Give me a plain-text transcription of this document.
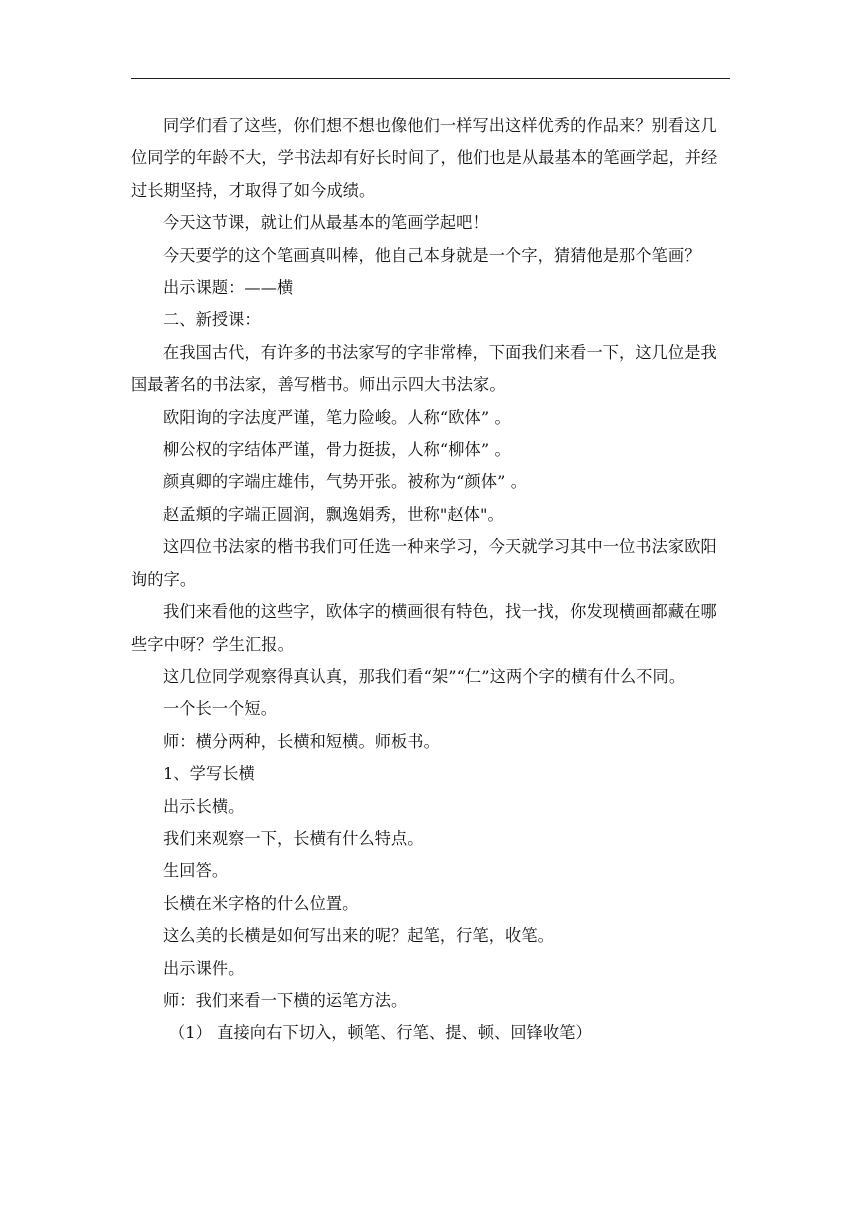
同学们看了这些，你们想不想也像他们一样写出这样优秀的作品来？别看这几位同学的年龄不大，学书法却有好长时间了，他们也是从最基本的笔画学起，并经过长期坚持，才取得了如今成绩。

今天这节课，就让们从最基本的笔画学起吧！

今天要学的这个笔画真叫棒，他自己本身就是一个字，猜猜他是那个笔画？

出示课题：——横

二、新授课：

在我国古代，有许多的书法家写的字非常棒，下面我们来看一下，这几位是我国最著名的书法家，善写楷书。师出示四大书法家。

欧阳询的字法度严谨，笔力险峻。人称“欧体” 。

柳公权的字结体严谨，骨力挺拔，人称“柳体” 。

颜真卿的字端庄雄伟，气势开张。被称为“颜体” 。

赵孟頫的字端正圆润，飘逸娟秀，世称"赵体"。

这四位书法家的楷书我们可任选一种来学习，今天就学习其中一位书法家欧阳询的字。

我们来看他的这些字，欧体字的横画很有特色，找一找，你发现横画都藏在哪些字中呀？学生汇报。

这几位同学观察得真认真，那我们看“架”“仁”这两个字的横有什么不同。

一个长一个短。

师：横分两种，长横和短横。师板书。

1、学写长横

出示长横。

我们来观察一下，长横有什么特点。

生回答。

长横在米字格的什么位置。

这么美的长横是如何写出来的呢？起笔，行笔，收笔。

出示课件。

师：我们来看一下横的运笔方法。

（1） 直接向右下切入，顿笔、行笔、提、顿、回锋收笔）
